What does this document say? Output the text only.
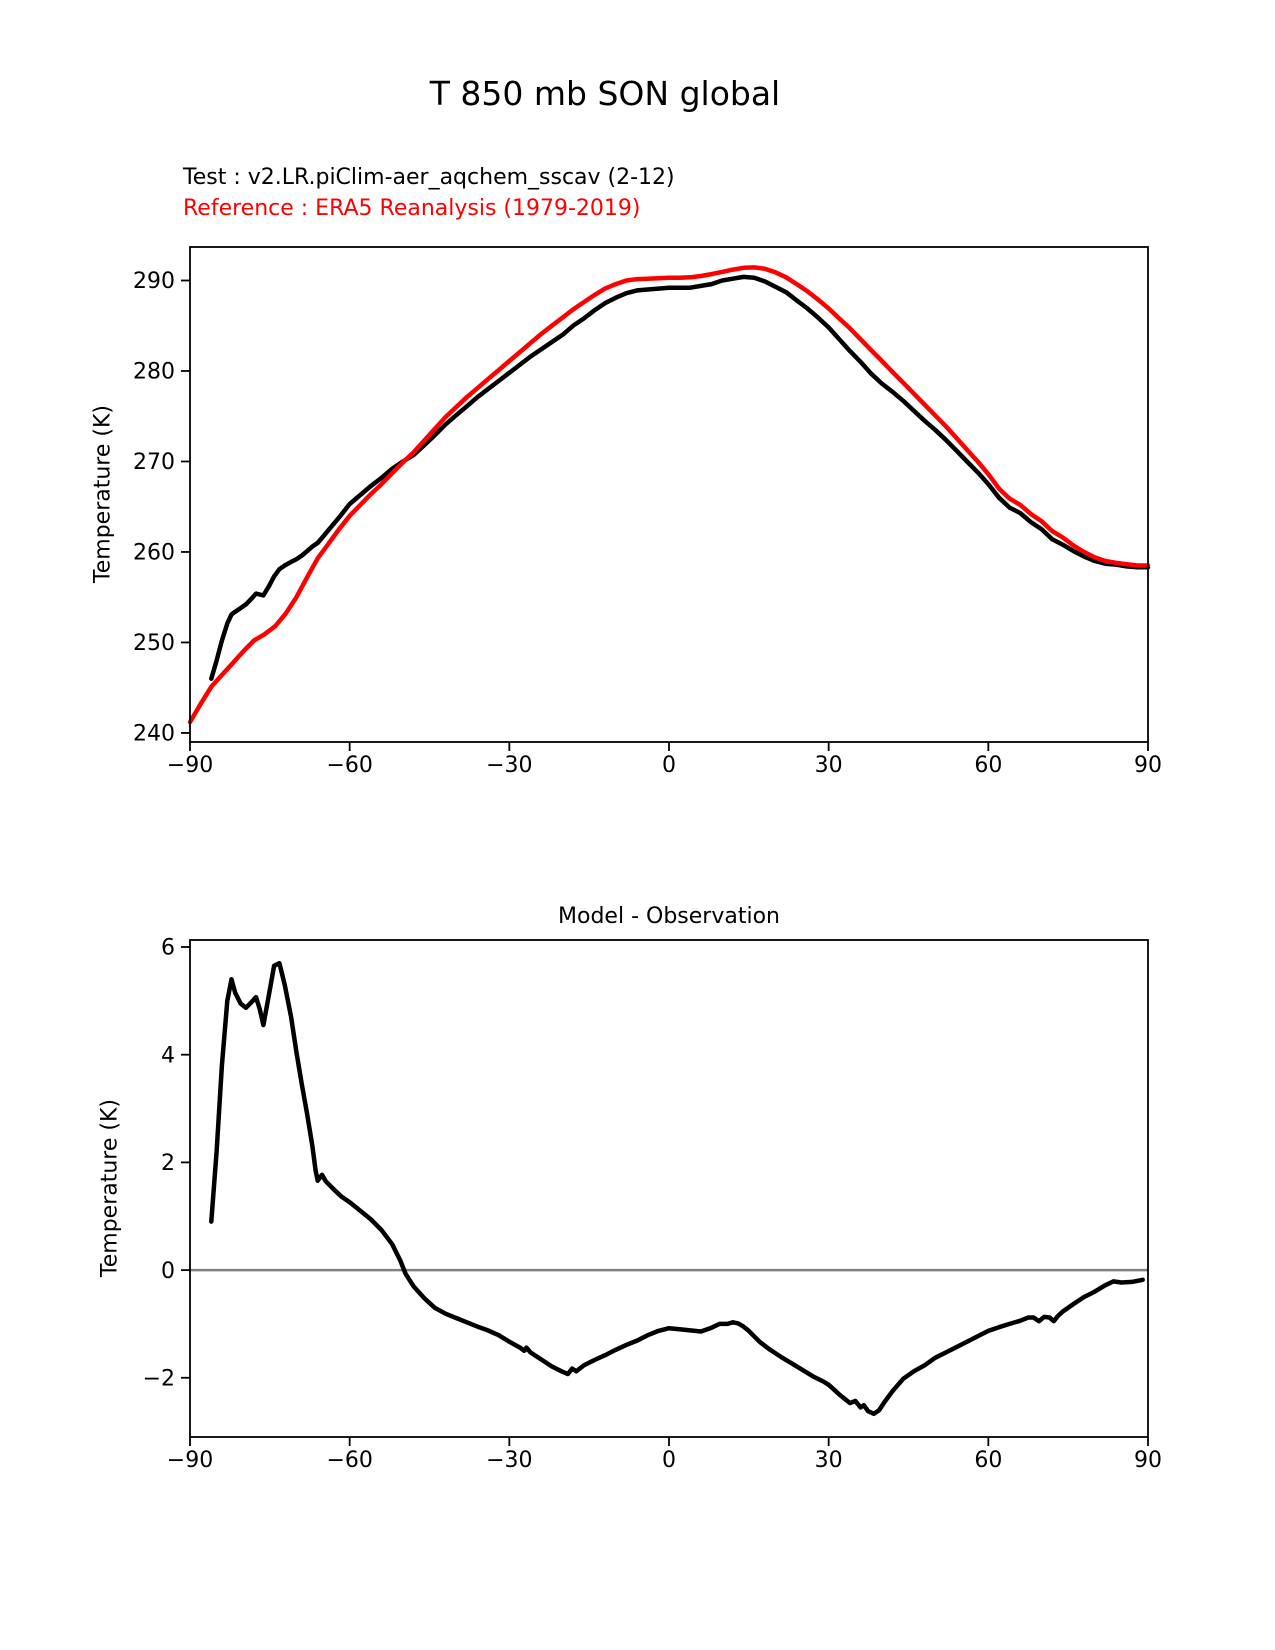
T 850 mb SON global
Test : v2.LR.piClim-aer_aqchem_sscav (2-12)
Reference : ERA5 Reanalysis (1979-2019)
Temperature (K)
Model - Observation
Temperature (K)
−90	−60	−30	0	30	60	90
240
250
260
270
280
290
−90	−60	−30	0	30	60	90
−2
0
2
4
6
